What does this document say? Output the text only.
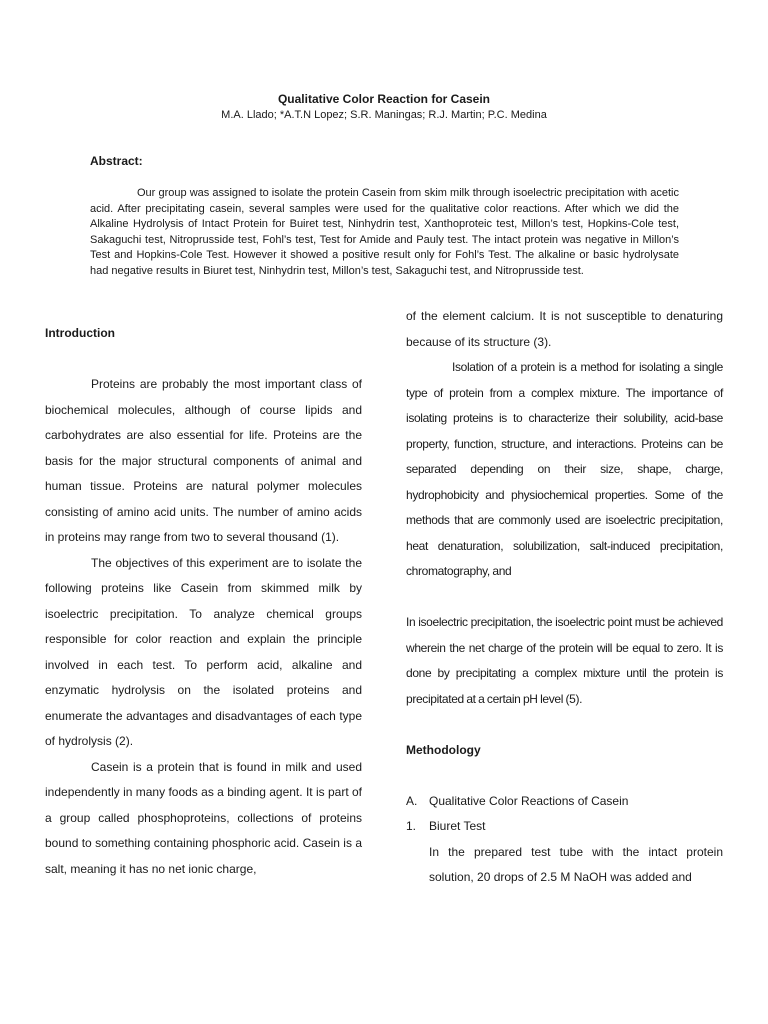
Qualitative Color Reaction for Casein
M.A. Llado; *A.T.N Lopez; S.R. Maningas; R.J. Martin; P.C. Medina
Abstract:

Our group was assigned to isolate the protein Casein from skim milk through isoelectric precipitation with acetic acid. After precipitating casein, several samples were used for the qualitative color reactions. After which we did the Alkaline Hydrolysis of Intact Protein for Buiret test, Ninhydrin test, Xanthoproteic test, Millon’s test, Hopkins-Cole test, Sakaguchi test, Nitroprusside test, Fohl’s test, Test for Amide and Pauly test. The intact protein was negative in Millon’s Test and Hopkins-Cole Test. However it showed a positive result only for Fohl’s Test. The alkaline or basic hydrolysate had negative results in Biuret test, Ninhydrin test, Millon’s test, Sakaguchi test, and Nitroprusside test.

Introduction

Proteins are probably the most important class of biochemical molecules, although of course lipids and carbohydrates are also essential for life. Proteins are the basis for the major structural components of animal and human tissue. Proteins are natural polymer molecules consisting of amino acid units. The number of amino acids in proteins may range from two to several thousand (1).

The objectives of this experiment are to isolate the following proteins like Casein from skimmed milk by isoelectric precipitation. To analyze chemical groups responsible for color reaction and explain the principle involved in each test. To perform acid, alkaline and enzymatic hydrolysis on the isolated proteins and enumerate the advantages and disadvantages of each type of hydrolysis (2).

Casein is a protein that is found in milk and used independently in many foods as a binding agent. It is part of a group called phosphoproteins, collections of proteins bound to something containing phosphoric acid. Casein is a salt, meaning it has no net ionic charge,

of the element calcium. It is not susceptible to denaturing because of its structure (3).

Isolation of a protein is a method for isolating a single type of protein from a complex mixture. The importance of isolating proteins is to characterize their solubility, acid-base property, function, structure, and interactions. Proteins can be separated depending on their size, shape, charge, hydrophobicity and physiochemical properties. Some of the methods that are commonly used are isoelectric precipitation, heat denaturation, solubilization, salt-induced precipitation, chromatography, and

In isoelectric precipitation, the isoelectric point must be achieved wherein the net charge of the protein will be equal to zero. It is done by precipitating a complex mixture until the protein is precipitated at a certain pH level (5).

Methodology

A. Qualitative Color Reactions of Casein
1.	Biuret Test

In the prepared test tube with the intact protein solution, 20 drops of 2.5 M NaOH was added and
